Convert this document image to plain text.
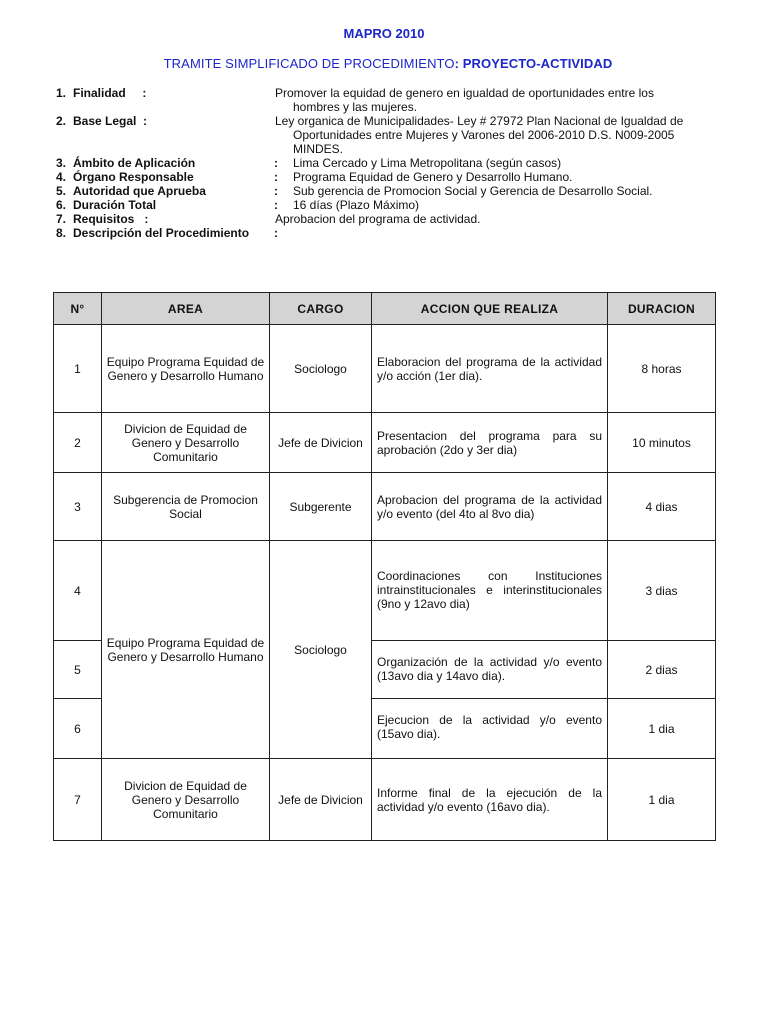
MAPRO 2010
TRAMITE SIMPLIFICADO DE PROCEDIMIENTO: PROYECTO-ACTIVIDAD
1. Finalidad     :	Promover la equidad de genero en igualdad de oportunidades entre los hombres y las mujeres.
2. Base Legal  :	Ley organica de Municipalidades- Ley # 27972 Plan Nacional de Igualdad de Oportunidades entre Mujeres y Varones del 2006-2010 D.S. N009-2005 MINDES.
3. Ámbito de Aplicación	: Lima Cercado y Lima Metropolitana (según casos)
4. Órgano Responsable	: Programa Equidad de Genero y Desarrollo Humano.
5. Autoridad que Aprueba	: Sub gerencia de Promocion Social y Gerencia de Desarrollo Social.
6. Duración Total	: 16 días (Plazo Máximo)
7. Requisitos   :	Aprobacion del programa de actividad.
8. Descripción del Procedimiento :
N°	AREA	CARGO	ACCION QUE REALIZA	DURACION
1	Equipo Programa Equidad de Genero y Desarrollo Humano	Sociologo	Elaboracion del programa de la actividad y/o acción (1er dia).	8 horas
2	Divicion de Equidad de Genero y Desarrollo Comunitario	Jefe de Divicion	Presentacion del programa para su aprobación (2do y 3er dia)	10 minutos
3	Subgerencia de Promocion Social	Subgerente	Aprobacion del programa de la actividad y/o evento (del 4to al 8vo dia)	4 dias
4	Equipo Programa Equidad de Genero y Desarrollo Humano	Sociologo	Coordinaciones con Instituciones intrainstitucionales e interinstitucionales (9no y 12avo dia)	3 dias
5			Organización de la actividad y/o evento (13avo dia y 14avo dia).	2 dias
6			Ejecucion de la actividad y/o evento (15avo dia).	1 dia
7	Divicion de Equidad de Genero y Desarrollo Comunitario	Jefe de Divicion	Informe final de la ejecución de la actividad y/o evento (16avo dia).	1 dia
